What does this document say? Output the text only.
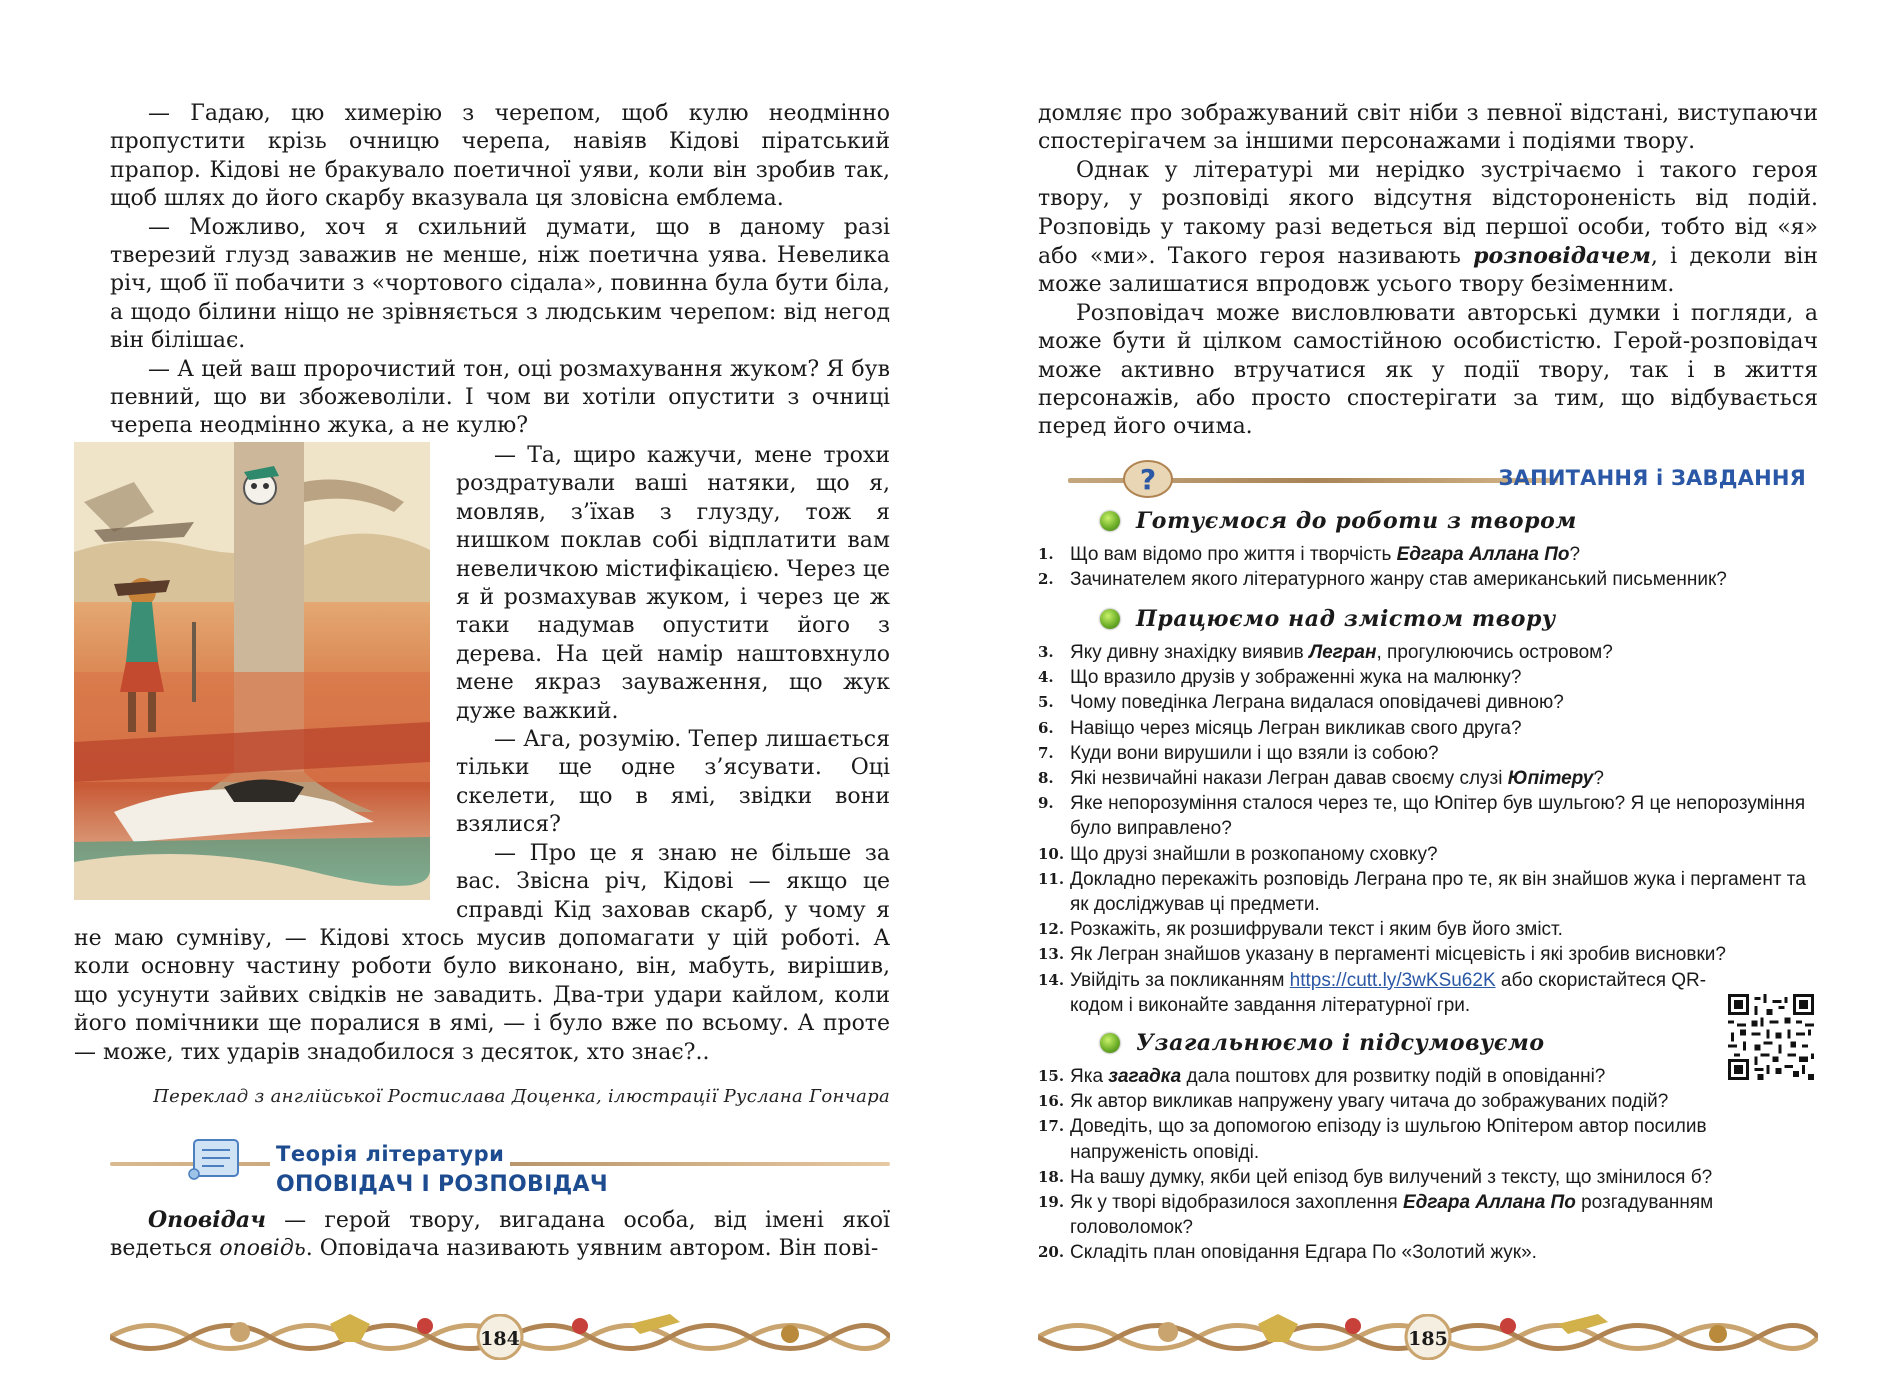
— Гадаю, цю химерію з черепом, щоб кулю неодмінно пропустити крізь очницю черепа, навіяв Кідові піратський прапор. Кідові не бракувало поетичної уяви, коли він зробив так, щоб шлях до його скарбу вказувала ця зловісна емблема.

— Можливо, хоч я схильний думати, що в даному разі тверезий глузд заважив не менше, ніж поетична уява. Невелика річ, щоб її побачити з «чортового сідала», повинна була бути біла, а щодо білини ніщо не зрівняється з людським черепом: від негод він білішає.

— А цей ваш пророчистий тон, оці розмахування жуком? Я був певний, що ви збожеволіли. І чом ви хотіли опустити з очниці черепа неодмінно жука, а не кулю?

— Та, щиро кажучи, мене трохи роздратували ваші натяки, що я, мовляв, з’їхав з глузду, тож я нишком поклав собі відплатити вам невеличкою містифікацією. Через це я й розмахував жуком, і через це ж таки надумав опустити його з дерева. На цей намір наштовхнуло мене якраз зауваження, що жук дуже важкий.

— Ага, розумію. Тепер лишається тільки ще одне з’ясувати. Оці скелети, що в ямі, звідки вони взялися?

— Про це я знаю не більше за вас. Звісна річ, Кідові — якщо це справді Кід заховав скарб, у чому я не маю сумніву, — Кідові хтось мусив допомагати у цій роботі. А коли основну частину роботи було виконано, він, мабуть, вирішив, що усунути зайвих свідків не завадить. Два-три удари кайлом, коли його помічники ще поралися в ямі, — і було вже по всьому. А проте — може, тих ударів знадобилося з десяток, хто знає?..

Переклад з англійської Ростислава Доценка, ілюстрації Руслана Гончара
Теорія літератури
ОПОВІДАЧ І РОЗПОВІДАЧ

Оповідач — герой твору, вигадана особа, від імені якої ведеться оповідь. Оповідача називають уявним автором. Він пові-

184

домляє про зображуваний світ ніби з певної відстані, виступаючи спостерігачем за іншими персонажами і подіями твору.

Однак у літературі ми нерідко зустрічаємо і такого героя твору, у розповіді якого відсутня відстороненість від подій. Розповідь у такому разі ведеться від першої особи, тобто від «я» або «ми». Такого героя називають розповідачем, і деколи він може залишатися впродовж усього твору безіменним.

Розповідач може висловлювати авторські думки і погляди, а може бути й цілком самостійною особистістю. Герой-розповідач може активно втручатися як у події твору, так і в життя персонажів, або просто спостерігати за тим, що відбувається перед його очима.

?	ЗАПИТАННЯ і ЗАВДАННЯ
Готуємося до роботи з твором
1. Що вам відомо про життя і творчість Едгара Аллана По?
2. Зачинателем якого літературного жанру став американський письменник?
Працюємо над змістом твору
3. Яку дивну знахідку виявив Легран, прогулюючись островом?
4. Що вразило друзів у зображенні жука на малюнку?
5. Чому поведінка Леграна видалася оповідачеві дивною?
6. Навіщо через місяць Легран викликав свого друга?
7. Куди вони вирушили і що взяли із собою?
8. Які незвичайні накази Легран давав своєму слузі Юпітеру?
9. Яке непорозуміння сталося через те, що Юпітер був шульгою? Я це непорозуміння було виправлено?
10. Що друзі знайшли в розкопаному сховку?
11. Докладно перекажіть розповідь Леграна про те, як він знайшов жука і пергамент та як досліджував ці предмети.
12. Розкажіть, як розшифрували текст і яким був його зміст.
13. Як Легран знайшов указану в пергаменті місцевість і які зробив висновки?
14. Увійдіть за покликанням https://cutt.ly/3wKSu62K або скористайтеся QR-кодом і виконайте завдання літературної гри.
Узагальнюємо і підсумовуємо
15. Яка загадка дала поштовх для розвитку подій в оповіданні?
16. Як автор викликав напружену увагу читача до зображуваних подій?
17. Доведіть, що за допомогою епізоду із шульгою Юпітером автор посилив напруженість оповіді.
18. На вашу думку, якби цей епізод був вилучений з тексту, що змінилося б?
19. Як у творі відобразилося захоплення Едгара Аллана По розгадуванням головоломок?
20. Складіть план оповідання Едгара По «Золотий жук».
185
